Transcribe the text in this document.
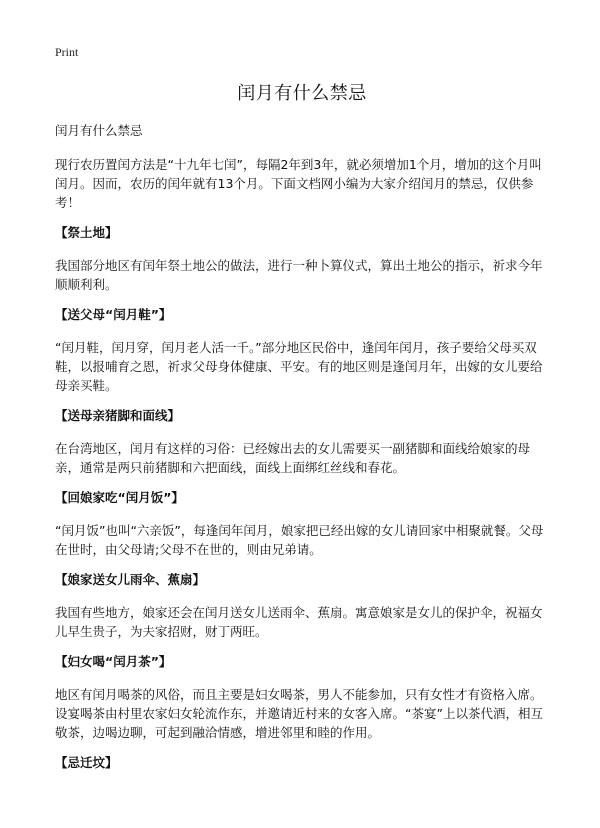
Print

闰月有什么禁忌

闰月有什么禁忌

现行农历置闰方法是“十九年七闰”，每隔2年到3年，就必须增加1个月，增加的这个月叫闰月。因而，农历的闰年就有13个月。下面文档网小编为大家介绍闰月的禁忌，仅供参考！

【祭土地】

我国部分地区有闰年祭土地公的做法，进行一种卜算仪式，算出土地公的指示，祈求今年顺顺利利。

【送父母“闰月鞋”】

“闰月鞋，闰月穿，闰月老人活一千。”部分地区民俗中，逢闰年闰月，孩子要给父母买双鞋，以报哺育之恩，祈求父母身体健康、平安。有的地区则是逢闰月年，出嫁的女儿要给母亲买鞋。

【送母亲猪脚和面线】

在台湾地区，闰月有这样的习俗：已经嫁出去的女儿需要买一副猪脚和面线给娘家的母亲，通常是两只前猪脚和六把面线，面线上面绑红丝线和春花。

【回娘家吃“闰月饭”】

“闰月饭”也叫“六亲饭”，每逢闰年闰月，娘家把已经出嫁的女儿请回家中相聚就餐。父母在世时，由父母请;父母不在世的，则由兄弟请。

【娘家送女儿雨伞、蕉扇】

我国有些地方，娘家还会在闰月送女儿送雨伞、蕉扇。寓意娘家是女儿的保护伞，祝福女儿早生贵子，为夫家招财，财丁两旺。

【妇女喝“闰月茶”】

地区有闰月喝茶的风俗，而且主要是妇女喝茶，男人不能参加，只有女性才有资格入席。设宴喝茶由村里农家妇女轮流作东，并邀请近村来的女客入席。“茶宴”上以茶代酒，相互敬茶，边喝边聊，可起到融洽情感，增进邻里和睦的作用。

【忌迁坟】
